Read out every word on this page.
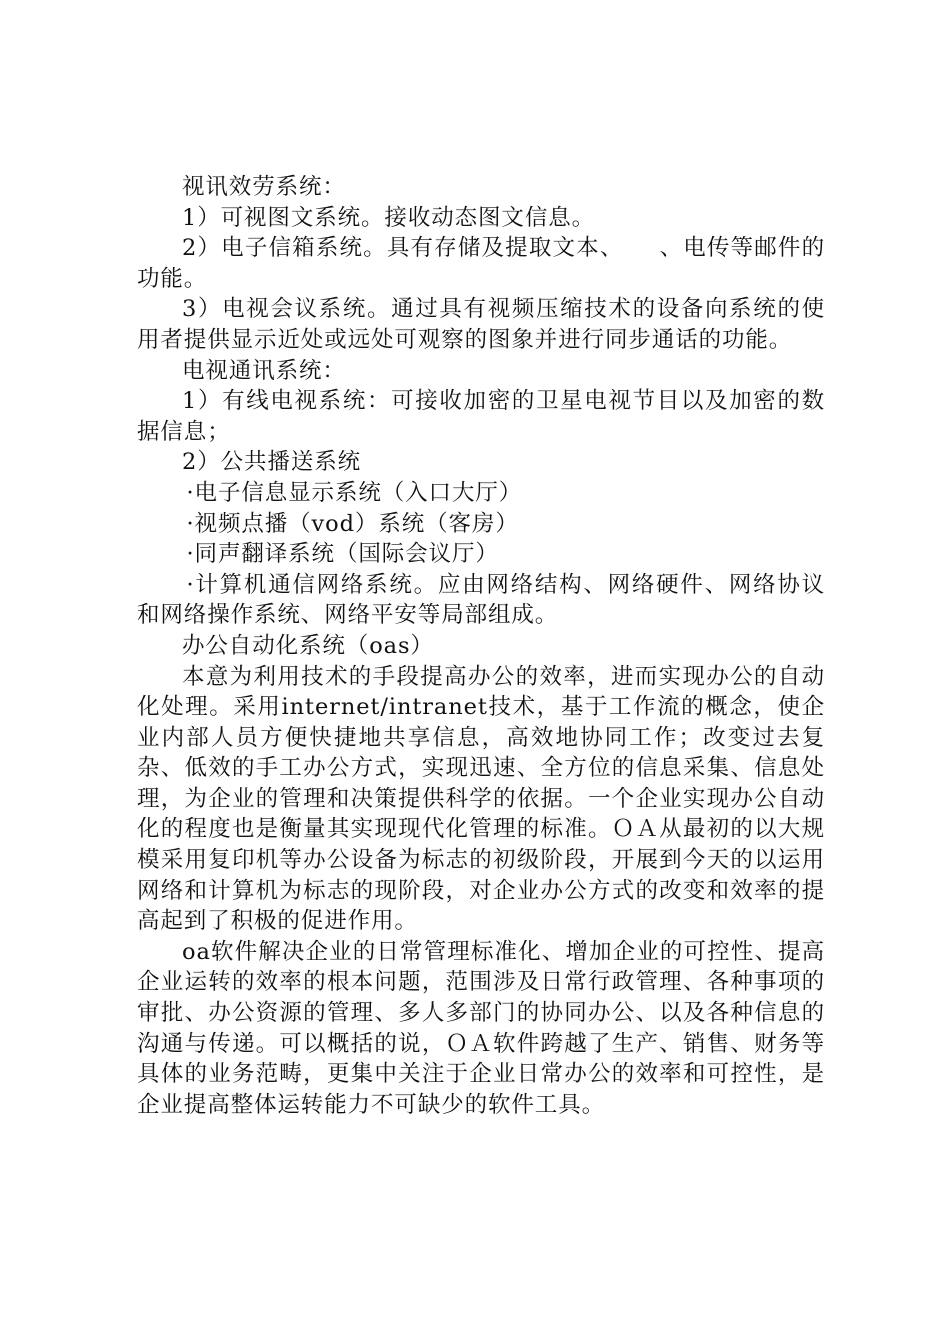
视讯效劳系统：

1）可视图文系统。接收动态图文信息。

2）电子信箱系统。具有存储及提取文本、　　、电传等邮件的功能。

3）电视会议系统。通过具有视频压缩技术的设备向系统的使用者提供显示近处或远处可观察的图象并进行同步通话的功能。

电视通讯系统：

1）有线电视系统：可接收加密的卫星电视节目以及加密的数据信息；

2）公共播送系统

·电子信息显示系统（入口大厅）

·视频点播（vod）系统（客房）

·同声翻译系统（国际会议厅）

·计算机通信网络系统。应由网络结构、网络硬件、网络协议和网络操作系统、网络平安等局部组成。

办公自动化系统（oas）

本意为利用技术的手段提高办公的效率，进而实现办公的自动化处理。采用internet/intranet技术，基于工作流的概念，使企业内部人员方便快捷地共享信息，高效地协同工作；改变过去复杂、低效的手工办公方式，实现迅速、全方位的信息采集、信息处理，为企业的管理和决策提供科学的依据。一个企业实现办公自动化的程度也是衡量其实现现代化管理的标准。ＯＡ从最初的以大规模采用复印机等办公设备为标志的初级阶段，开展到今天的以运用网络和计算机为标志的现阶段，对企业办公方式的改变和效率的提高起到了积极的促进作用。

oa软件解决企业的日常管理标准化、增加企业的可控性、提高企业运转的效率的根本问题，范围涉及日常行政管理、各种事项的审批、办公资源的管理、多人多部门的协同办公、以及各种信息的沟通与传递。可以概括的说，ＯＡ软件跨越了生产、销售、财务等具体的业务范畴，更集中关注于企业日常办公的效率和可控性，是企业提高整体运转能力不可缺少的软件工具。
